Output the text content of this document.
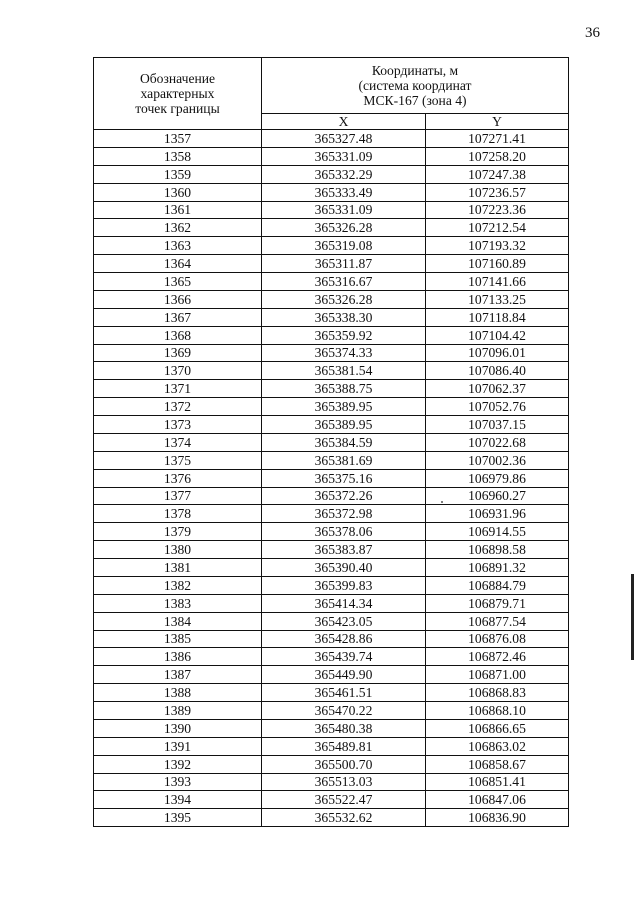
36
Обозначение
характерных
точек границы	Координаты, м
(система координат
МСК-167 (зона 4)	

	X	Y
1357	365327.48	107271.41
1358	365331.09	107258.20
1359	365332.29	107247.38
1360	365333.49	107236.57
1361	365331.09	107223.36
1362	365326.28	107212.54
1363	365319.08	107193.32
1364	365311.87	107160.89
1365	365316.67	107141.66
1366	365326.28	107133.25
1367	365338.30	107118.84
1368	365359.92	107104.42
1369	365374.33	107096.01
1370	365381.54	107086.40
1371	365388.75	107062.37
1372	365389.95	107052.76
1373	365389.95	107037.15
1374	365384.59	107022.68
1375	365381.69	107002.36
1376	365375.16	106979.86
1377	365372.26	106960.27
1378	365372.98	106931.96
1379	365378.06	106914.55
1380	365383.87	106898.58
1381	365390.40	106891.32
1382	365399.83	106884.79
1383	365414.34	106879.71
1384	365423.05	106877.54
1385	365428.86	106876.08
1386	365439.74	106872.46
1387	365449.90	106871.00
1388	365461.51	106868.83
1389	365470.22	106868.10
1390	365480.38	106866.65
1391	365489.81	106863.02
1392	365500.70	106858.67
1393	365513.03	106851.41
1394	365522.47	106847.06
1395	365532.62	106836.90
